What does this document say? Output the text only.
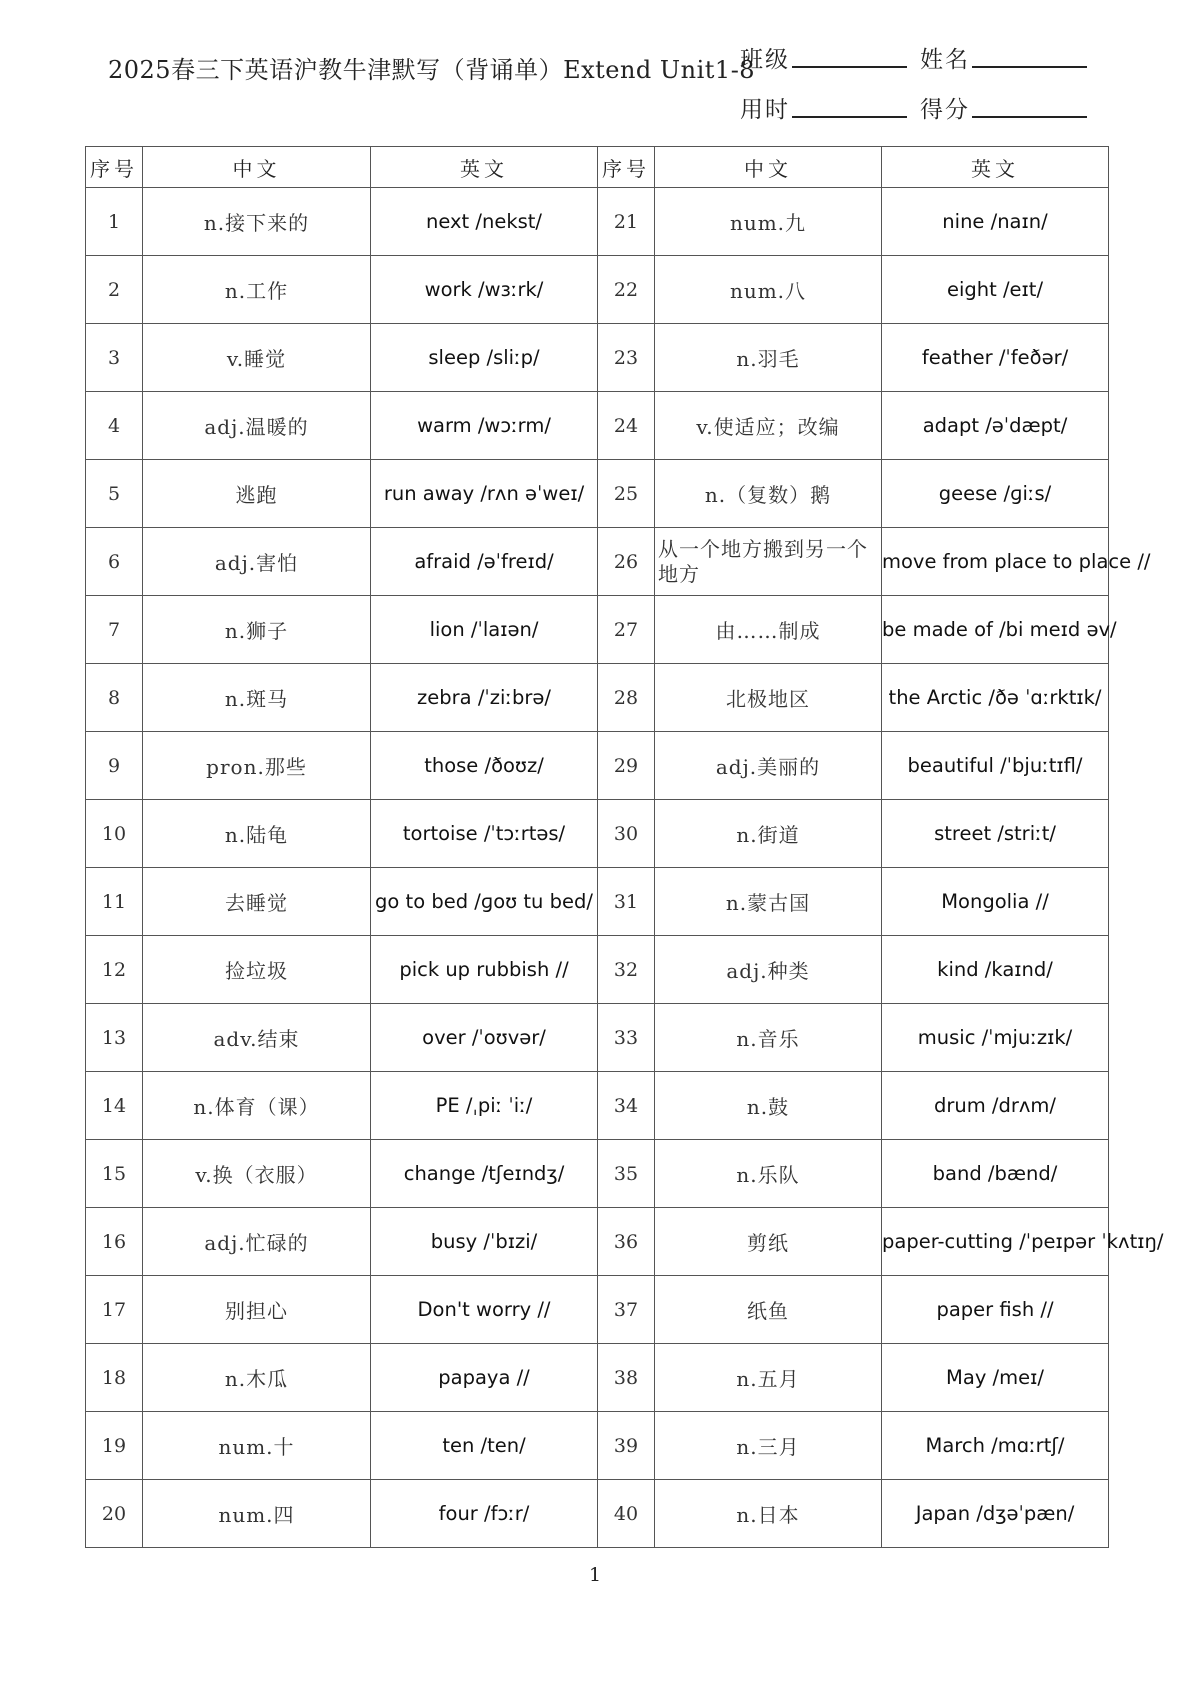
2025春三下英语沪教牛津默写（背诵单）Extend Unit1-8
班级	姓名
用时	得分
序号	中文	英文	序号	中文	英文
1	n.接下来的	next /nekst/	21	num.九	nine /naɪn/
2	n.工作	work /wɜːrk/	22	num.八	eight /eɪt/
3	v.睡觉	sleep /sliːp/	23	n.羽毛	feather /ˈfeðər/
4	adj.温暖的	warm /wɔːrm/	24	v.使适应；改编	adapt /əˈdæpt/
5	逃跑	run away /rʌn əˈweɪ/	25	n.（复数）鹅	geese /ɡiːs/
6	adj.害怕	afraid /əˈfreɪd/	26	从一个地方搬到另一个地方	move from place to place //
7	n.狮子	lion /ˈlaɪən/	27	由……制成	be made of /bi meɪd əv/
8	n.斑马	zebra /ˈziːbrə/	28	北极地区	the Arctic /ðə ˈɑːrktɪk/
9	pron.那些	those /ðoʊz/	29	adj.美丽的	beautiful /ˈbjuːtɪfl/
10	n.陆龟	tortoise /ˈtɔːrtəs/	30	n.街道	street /striːt/
11	去睡觉	go to bed /ɡoʊ tu bed/	31	n.蒙古国	Mongolia //
12	捡垃圾	pick up rubbish //	32	adj.种类	kind /kaɪnd/
13	adv.结束	over /ˈoʊvər/	33	n.音乐	music /ˈmjuːzɪk/
14	n.体育（课）	PE /ˌpiː ˈiː/	34	n.鼓	drum /drʌm/
15	v.换（衣服）	change /tʃeɪndʒ/	35	n.乐队	band /bænd/
16	adj.忙碌的	busy /ˈbɪzi/	36	剪纸	paper-cutting /ˈpeɪpər ˈkʌtɪŋ/
17	别担心	Don't worry //	37	纸鱼	paper fish //
18	n.木瓜	papaya //	38	n.五月	May /meɪ/
19	num.十	ten /ten/	39	n.三月	March /mɑːrtʃ/
20	num.四	four /fɔːr/	40	n.日本	Japan /dʒəˈpæn/
1
